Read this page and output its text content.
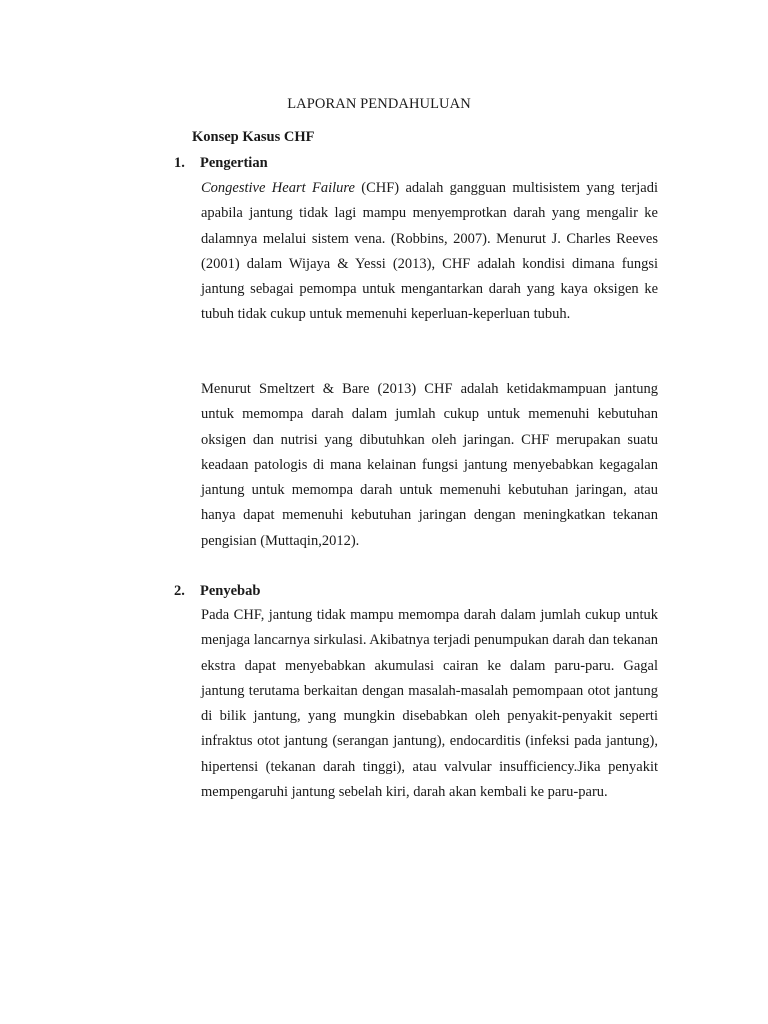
LAPORAN PENDAHULUAN
Konsep Kasus CHF
1. Pengertian

Congestive Heart Failure (CHF) adalah gangguan multisistem yang terjadi apabila jantung tidak lagi mampu menyemprotkan darah yang mengalir ke dalamnya melalui sistem vena. (Robbins, 2007). Menurut J. Charles Reeves (2001) dalam Wijaya & Yessi (2013), CHF adalah kondisi dimana fungsi jantung sebagai pemompa untuk mengantarkan darah yang kaya oksigen ke tubuh tidak cukup untuk memenuhi keperluan-keperluan tubuh.

Menurut Smeltzert & Bare (2013) CHF adalah ketidakmampuan jantung untuk memompa darah dalam jumlah cukup untuk memenuhi kebutuhan oksigen dan nutrisi yang dibutuhkan oleh jaringan. CHF merupakan suatu keadaan patologis di mana kelainan fungsi jantung menyebabkan kegagalan jantung untuk memompa darah untuk memenuhi kebutuhan jaringan, atau hanya dapat memenuhi kebutuhan jaringan dengan meningkatkan tekanan pengisian (Muttaqin,2012).

2. Penyebab

Pada CHF, jantung tidak mampu memompa darah dalam jumlah cukup untuk menjaga lancarnya sirkulasi. Akibatnya terjadi penumpukan darah dan tekanan ekstra dapat menyebabkan akumulasi cairan ke dalam paru-paru. Gagal jantung terutama berkaitan dengan masalah-masalah pemompaan otot jantung di bilik jantung, yang mungkin disebabkan oleh penyakit-penyakit seperti infraktus otot jantung (serangan jantung), endocarditis (infeksi pada jantung), hipertensi (tekanan darah tinggi), atau valvular insufficiency.Jika penyakit mempengaruhi jantung sebelah kiri, darah akan kembali ke paru-paru.
